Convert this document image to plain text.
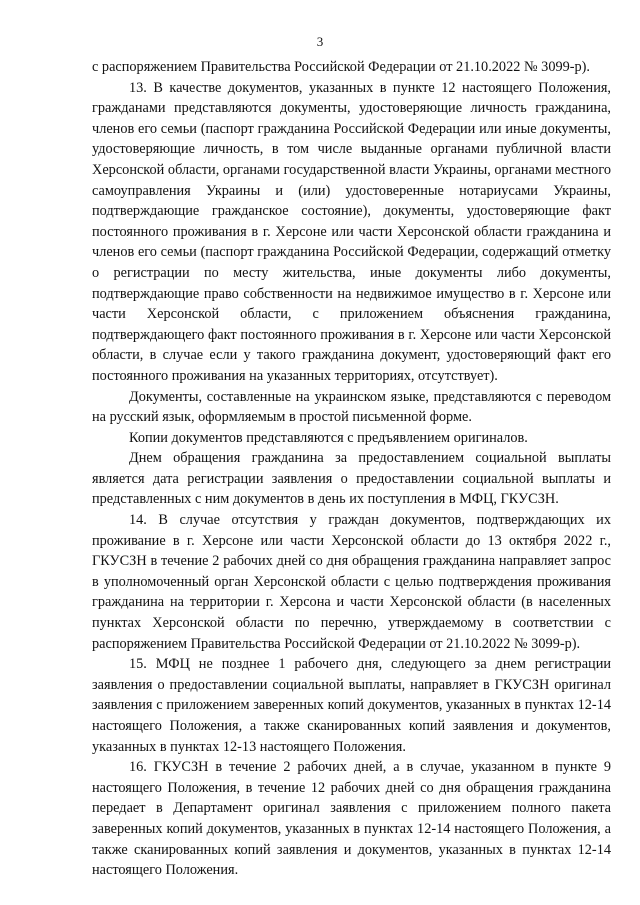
3

с распоряжением Правительства Российской Федерации от 21.10.2022 № 3099-р).

13. В качестве документов, указанных в пункте 12 настоящего Положения, гражданами представляются документы, удостоверяющие личность гражданина, членов его семьи (паспорт гражданина Российской Федерации или иные документы, удостоверяющие личность, в том числе выданные органами публичной власти Херсонской области, органами государственной власти Украины, органами местного самоуправления Украины и (или) удостоверенные нотариусами Украины, подтверждающие гражданское состояние), документы, удостоверяющие факт постоянного проживания в г. Херсоне или части Херсонской области гражданина и членов его семьи (паспорт гражданина Российской Федерации, содержащий отметку о регистрации по месту жительства, иные документы либо документы, подтверждающие право собственности на недвижимое имущество в г. Херсоне или части Херсонской области, с приложением объяснения гражданина, подтверждающего факт постоянного проживания в г. Херсоне или части Херсонской области, в случае если у такого гражданина документ, удостоверяющий факт его постоянного проживания на указанных территориях, отсутствует).

Документы, составленные на украинском языке, представляются с переводом на русский язык, оформляемым в простой письменной форме.

Копии документов представляются с предъявлением оригиналов.

Днем обращения гражданина за предоставлением социальной выплаты является дата регистрации заявления о предоставлении социальной выплаты и представленных с ним документов в день их поступления в МФЦ, ГКУСЗН.

14. В случае отсутствия у граждан документов, подтверждающих их проживание в г. Херсоне или части Херсонской области до 13 октября 2022 г., ГКУСЗН в течение 2 рабочих дней со дня обращения гражданина направляет запрос в уполномоченный орган Херсонской области с целью подтверждения проживания гражданина на территории г. Херсона и части Херсонской области (в населенных пунктах Херсонской области по перечню, утверждаемому в соответствии с распоряжением Правительства Российской Федерации от 21.10.2022 № 3099-р).

15. МФЦ не позднее 1 рабочего дня, следующего за днем регистрации заявления о предоставлении социальной выплаты, направляет в ГКУСЗН оригинал заявления с приложением заверенных копий документов, указанных в пунктах 12-14 настоящего Положения, а также сканированных копий заявления и документов, указанных в пунктах 12-13 настоящего Положения.

16. ГКУСЗН в течение 2 рабочих дней, а в случае, указанном в пункте 9 настоящего Положения, в течение 12 рабочих дней со дня обращения гражданина передает в Департамент оригинал заявления с приложением полного пакета заверенных копий документов, указанных в пунктах 12-14 настоящего Положения, а также сканированных копий заявления и документов, указанных в пунктах 12-14 настоящего Положения.
